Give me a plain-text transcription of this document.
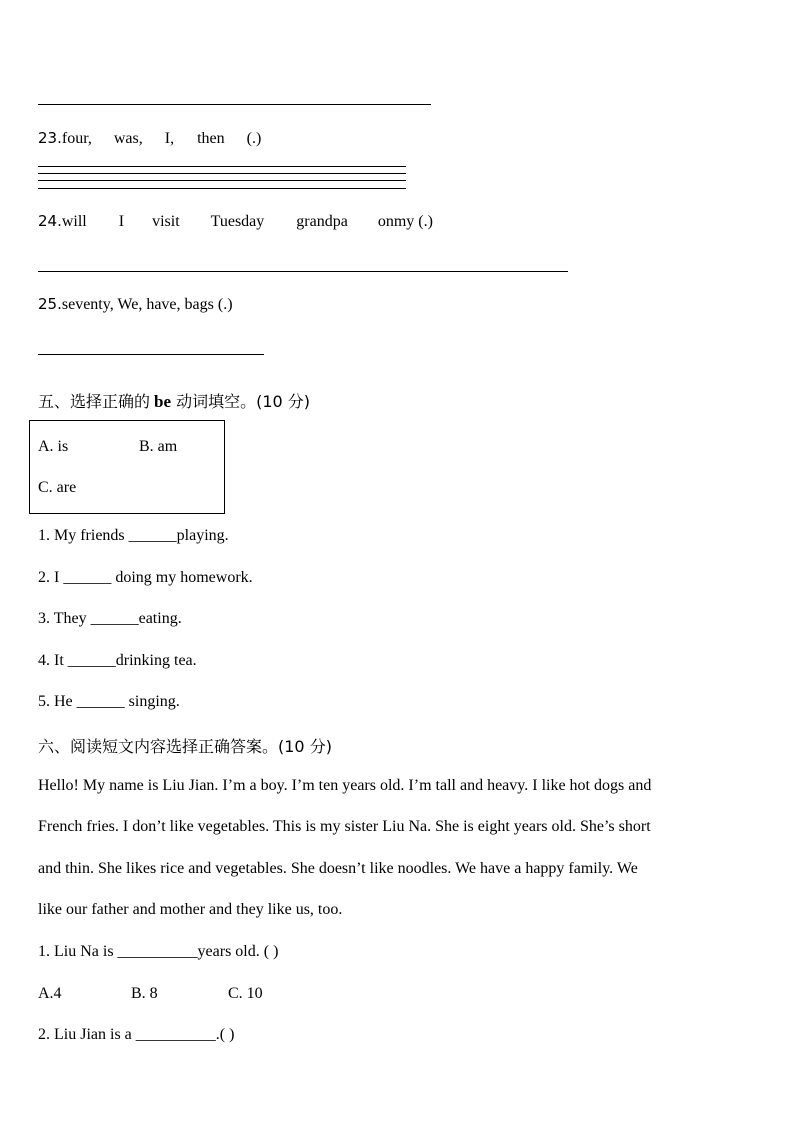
23.four, was, I, then (.)
24.will I visit Tuesday grandpa onmy (.)
25.seventy, We, have, bags (.)
五、选择正确的 be 动词填空。(10 分)
A. is	B. am
C. are
1. My friends ______playing.
2. I ______ doing my homework.
3. They ______eating.
4. It ______drinking tea.
5. He ______ singing.
六、阅读短文内容选择正确答案。(10 分)
Hello! My name is Liu Jian. I’m a boy. I’m ten years old. I’m tall and heavy. I like hot dogs and
French fries. I don’t like vegetables. This is my sister Liu Na. She is eight years old. She’s short
and thin. She likes rice and vegetables. She doesn’t like noodles. We have a happy family. We
like our father and mother and they like us, too.
1. Liu Na is __________years old. ( )
A.4	B. 8	C. 10
2. Liu Jian is a __________.( )
